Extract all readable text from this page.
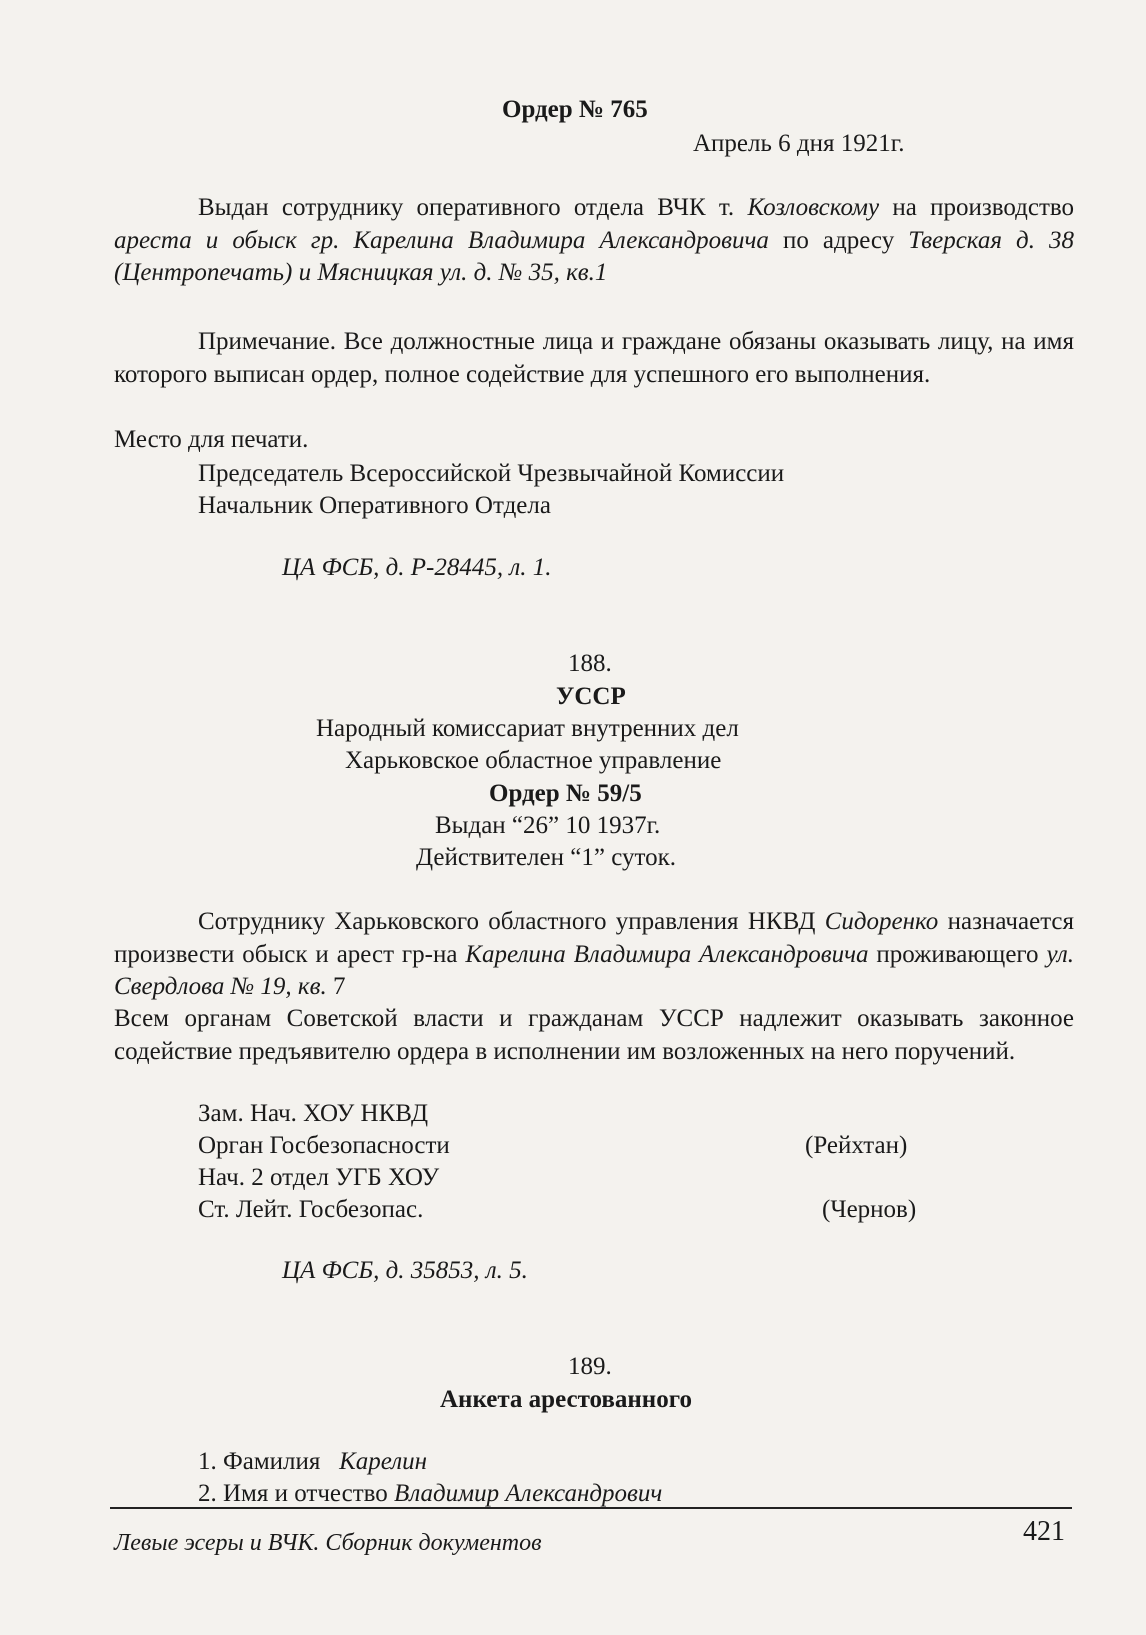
Ордер № 765
Апрель 6 дня 1921г.
Выдан сотруднику оперативного отдела ВЧК т. Козловскому на производство ареста и обыск гр. Карелина Владимира Александровича по адресу Тверская д. 38 (Центропечать) и Мясницкая ул. д. № 35, кв.1
Примечание. Все должностные лица и граждане обязаны оказывать лицу, на имя которого выписан ордер, полное содействие для успешного его выполнения.
Место для печати.
Председатель Всероссийской Чрезвычайной Комиссии
Начальник Оперативного Отдела
ЦА ФСБ, д. Р-28445, л. 1.
188.
УССР
Народный комиссариат внутренних дел
Харьковское областное управление
Ордер № 59/5
Выдан “26” 10 1937г.
Действителен “1” суток.
Сотруднику Харьковского областного управления НКВД Сидоренко назначается произвести обыск и арест гр-на Карелина Владимира Александровича проживающего ул. Свердлова № 19, кв. 7
Всем органам Советской власти и гражданам УССР надлежит оказывать законное содействие предъявителю ордера в исполнении им возложенных на него поручений.
Зам. Нач. ХОУ НКВД
Орган Госбезопасности	(Рейхтан)
Нач. 2 отдел УГБ ХОУ
Ст. Лейт. Госбезопас.	(Чернов)
ЦА ФСБ, д. 35853, л. 5.
189.
Анкета арестованного
1. Фамилия Карелин
2. Имя и отчество Владимир Александрович
Левые эсеры и ВЧК. Сборник документов	421
